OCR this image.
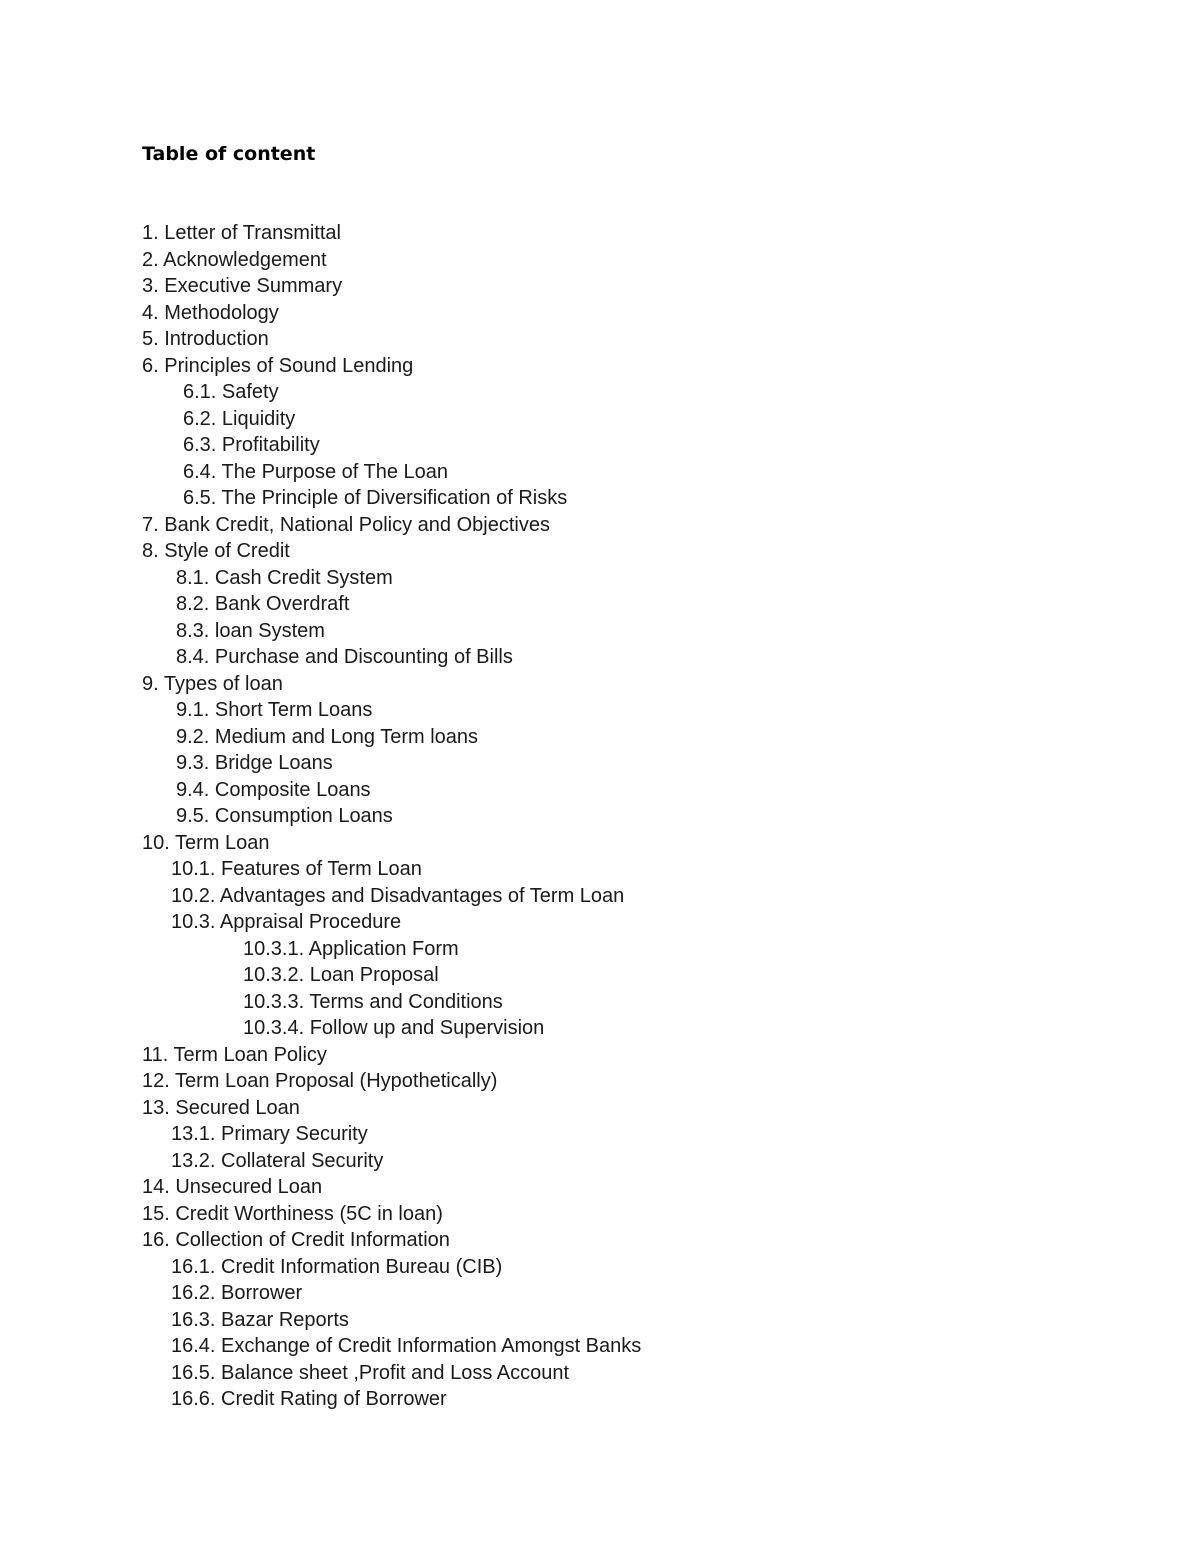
Table of content
1. Letter of Transmittal
2. Acknowledgement
3. Executive Summary
4. Methodology
5. Introduction
6. Principles of Sound Lending
6.1. Safety
6.2. Liquidity
6.3. Profitability
6.4. The Purpose of The Loan
6.5. The Principle of Diversification of Risks
7. Bank Credit, National Policy and Objectives
8. Style of Credit
8.1. Cash Credit System
8.2. Bank Overdraft
8.3. loan System
8.4. Purchase and Discounting of Bills
9. Types of loan
9.1. Short Term Loans
9.2. Medium and Long Term loans
9.3. Bridge Loans
9.4. Composite Loans
9.5. Consumption Loans
10. Term Loan
10.1. Features of Term Loan
10.2. Advantages and Disadvantages of Term Loan
10.3. Appraisal Procedure
10.3.1. Application Form
10.3.2. Loan Proposal
10.3.3. Terms and Conditions
10.3.4. Follow up and Supervision
11. Term Loan Policy
12. Term Loan Proposal (Hypothetically)
13. Secured Loan
13.1. Primary Security
13.2. Collateral Security
14. Unsecured Loan
15. Credit Worthiness (5C in loan)
16. Collection of Credit Information
16.1. Credit Information Bureau (CIB)
16.2. Borrower
16.3. Bazar Reports
16.4. Exchange of Credit Information Amongst Banks
16.5. Balance sheet ,Profit and Loss Account
16.6. Credit Rating of Borrower
